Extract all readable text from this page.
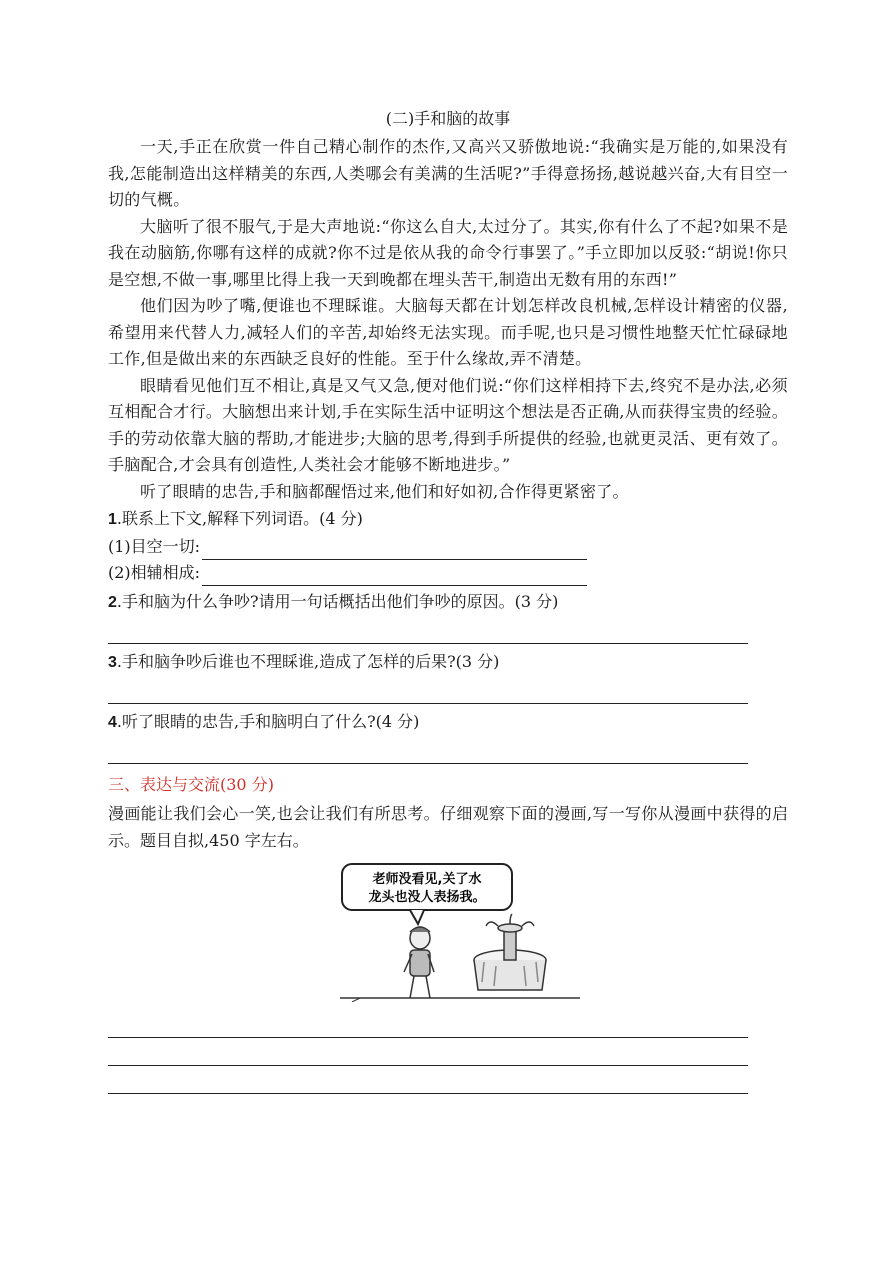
(二)手和脑的故事

一天,手正在欣赏一件自己精心制作的杰作,又高兴又骄傲地说:“我确实是万能的,如果没有我,怎能制造出这样精美的东西,人类哪会有美满的生活呢?”手得意扬扬,越说越兴奋,大有目空一切的气概。

大脑听了很不服气,于是大声地说:“你这么自大,太过分了。其实,你有什么了不起?如果不是我在动脑筋,你哪有这样的成就?你不过是依从我的命令行事罢了。”手立即加以反驳:“胡说!你只是空想,不做一事,哪里比得上我一天到晚都在埋头苦干,制造出无数有用的东西!”

他们因为吵了嘴,便谁也不理睬谁。大脑每天都在计划怎样改良机械,怎样设计精密的仪器,希望用来代替人力,减轻人们的辛苦,却始终无法实现。而手呢,也只是习惯性地整天忙忙碌碌地工作,但是做出来的东西缺乏良好的性能。至于什么缘故,弄不清楚。

眼睛看见他们互不相让,真是又气又急,便对他们说:“你们这样相持下去,终究不是办法,必须互相配合才行。大脑想出来计划,手在实际生活中证明这个想法是否正确,从而获得宝贵的经验。手的劳动依靠大脑的帮助,才能进步;大脑的思考,得到手所提供的经验,也就更灵活、更有效了。手脑配合,才会具有创造性,人类社会才能够不断地进步。”

听了眼睛的忠告,手和脑都醒悟过来,他们和好如初,合作得更紧密了。

1.联系上下文,解释下列词语。(4 分)

(1)目空一切:
(2)相辅相成:

2.手和脑为什么争吵?请用一句话概括出他们争吵的原因。(3 分)

3.手和脑争吵后谁也不理睬谁,造成了怎样的后果?(3 分)

4.听了眼睛的忠告,手和脑明白了什么?(4 分)

三、表达与交流(30 分)

漫画能让我们会心一笑,也会让我们有所思考。仔细观察下面的漫画,写一写你从漫画中获得的启示。题目自拟,450 字左右。

老师没看见,关了水
龙头也没人表扬我。
